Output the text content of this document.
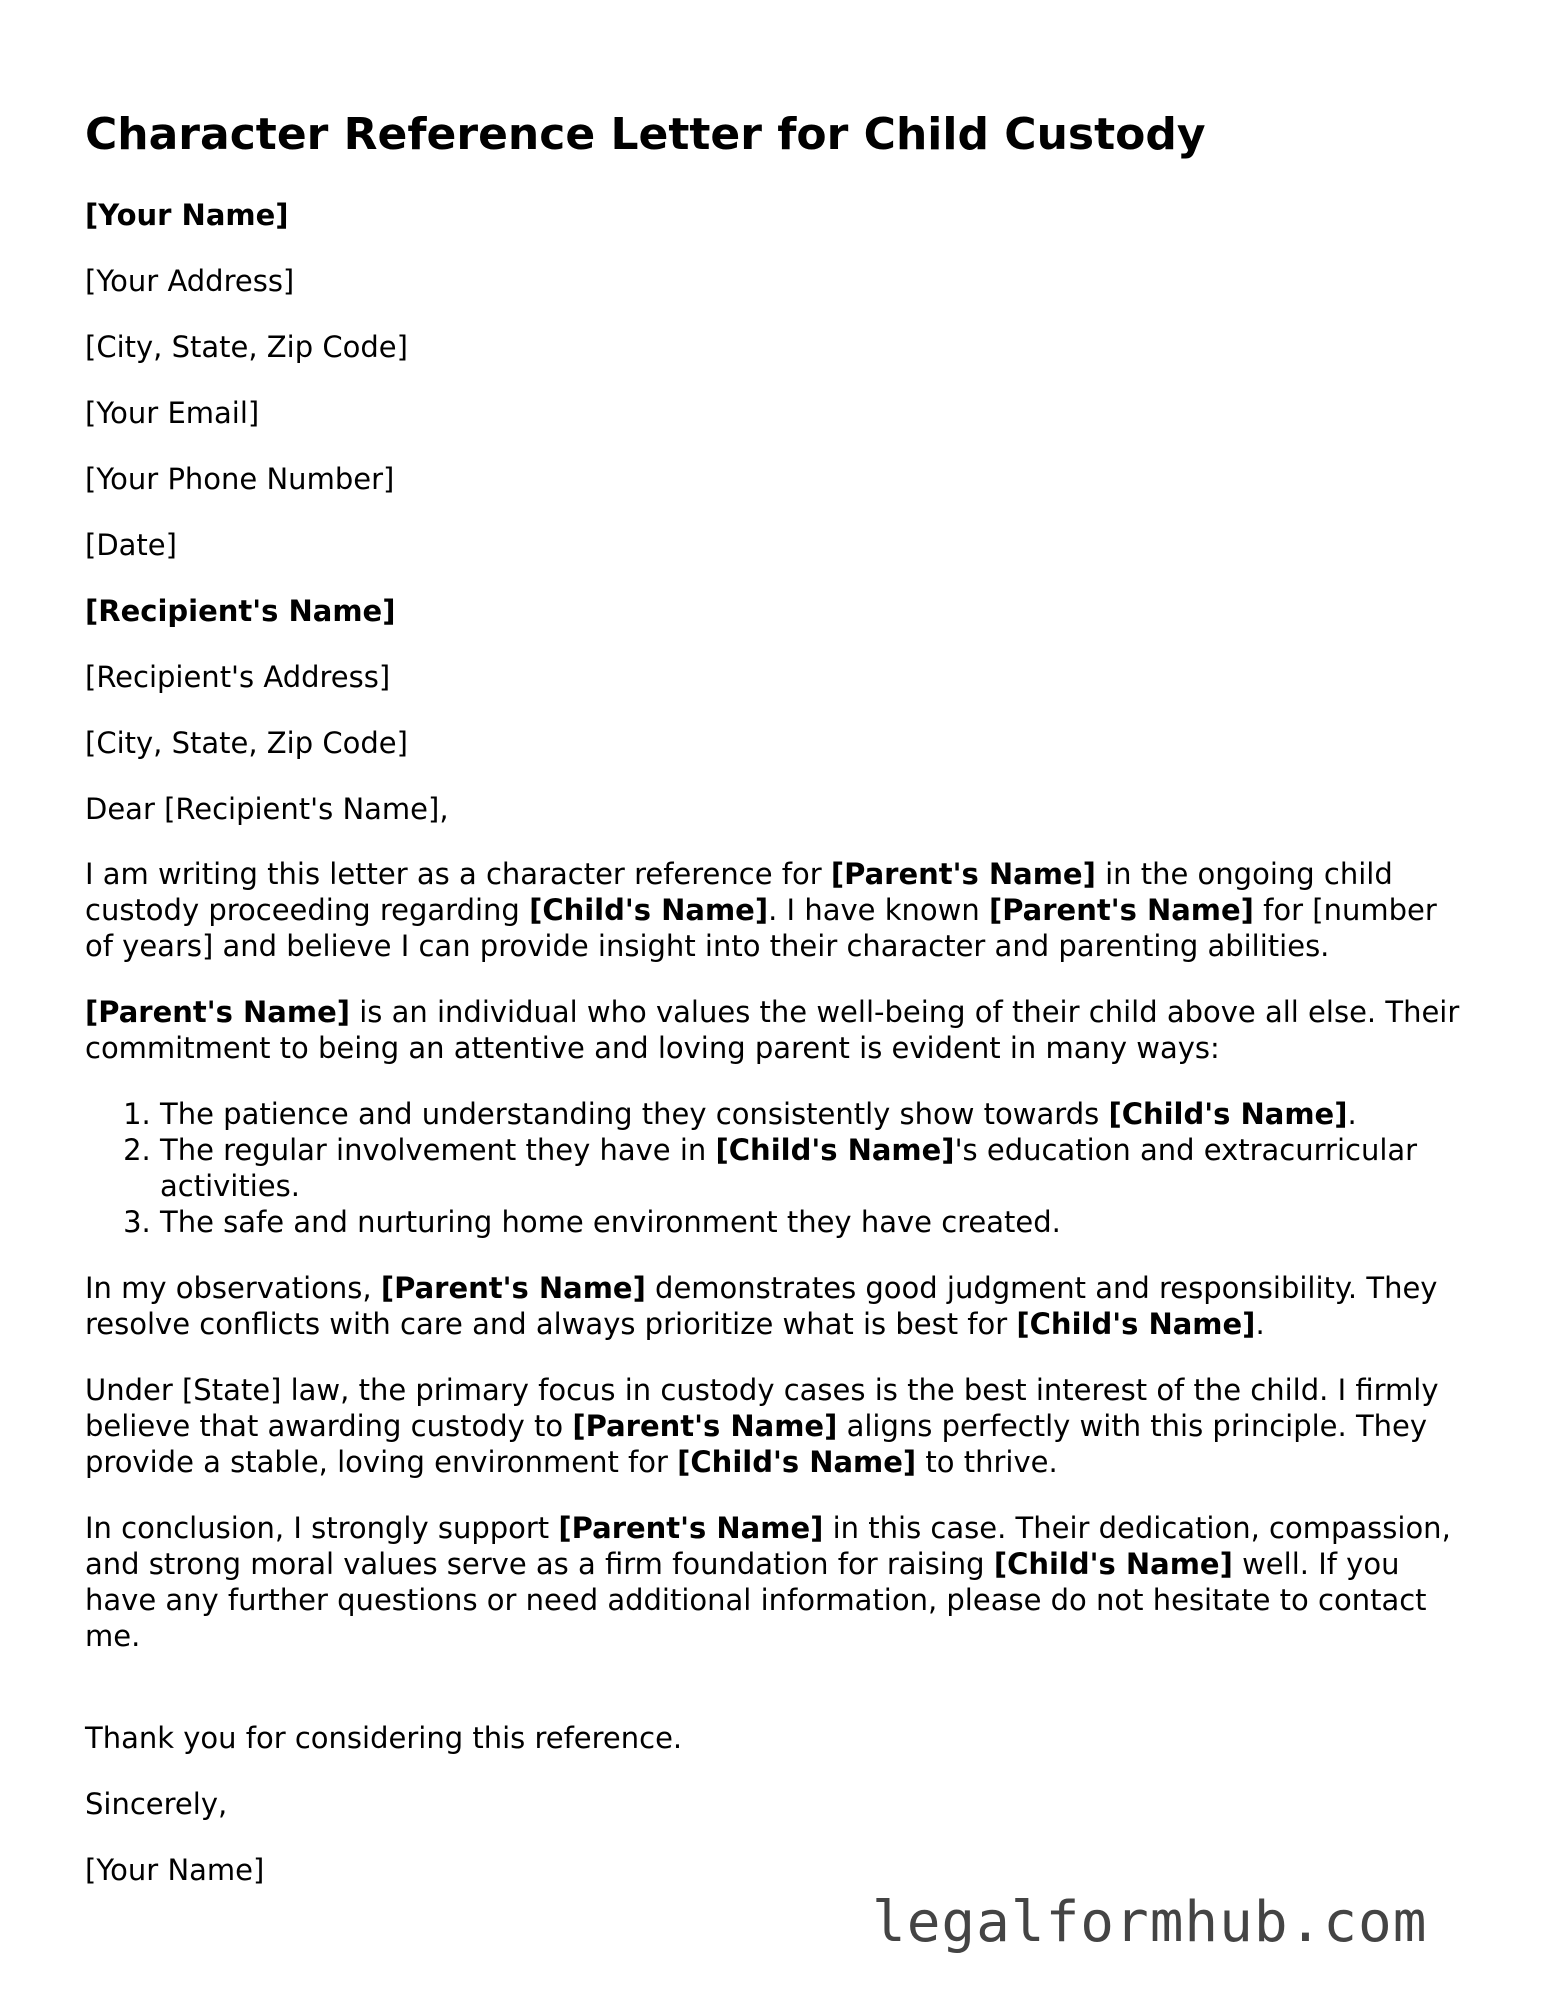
Character Reference Letter for Child Custody
[Your Name]
[Your Address]
[City, State, Zip Code]
[Your Email]
[Your Phone Number]
[Date]
[Recipient's Name]
[Recipient's Address]
[City, State, Zip Code]
Dear [Recipient's Name],

I am writing this letter as a character reference for [Parent's Name] in the ongoing child custody proceeding regarding [Child's Name]. I have known [Parent's Name] for [number of years] and believe I can provide insight into their character and parenting abilities.

[Parent's Name] is an individual who values the well-being of their child above all else. Their commitment to being an attentive and loving parent is evident in many ways:

1. The patience and understanding they consistently show towards [Child's Name].
2. The regular involvement they have in [Child's Name]'s education and extracurricular activities.
3. The safe and nurturing home environment they have created.

In my observations, [Parent's Name] demonstrates good judgment and responsibility. They resolve conflicts with care and always prioritize what is best for [Child's Name].

Under [State] law, the primary focus in custody cases is the best interest of the child. I firmly believe that awarding custody to [Parent's Name] aligns perfectly with this principle. They provide a stable, loving environment for [Child's Name] to thrive.

In conclusion, I strongly support [Parent's Name] in this case. Their dedication, compassion, and strong moral values serve as a firm foundation for raising [Child's Name] well. If you have any further questions or need additional information, please do not hesitate to contact me.

Thank you for considering this reference.
Sincerely,
[Your Name]
legalformhub.com
